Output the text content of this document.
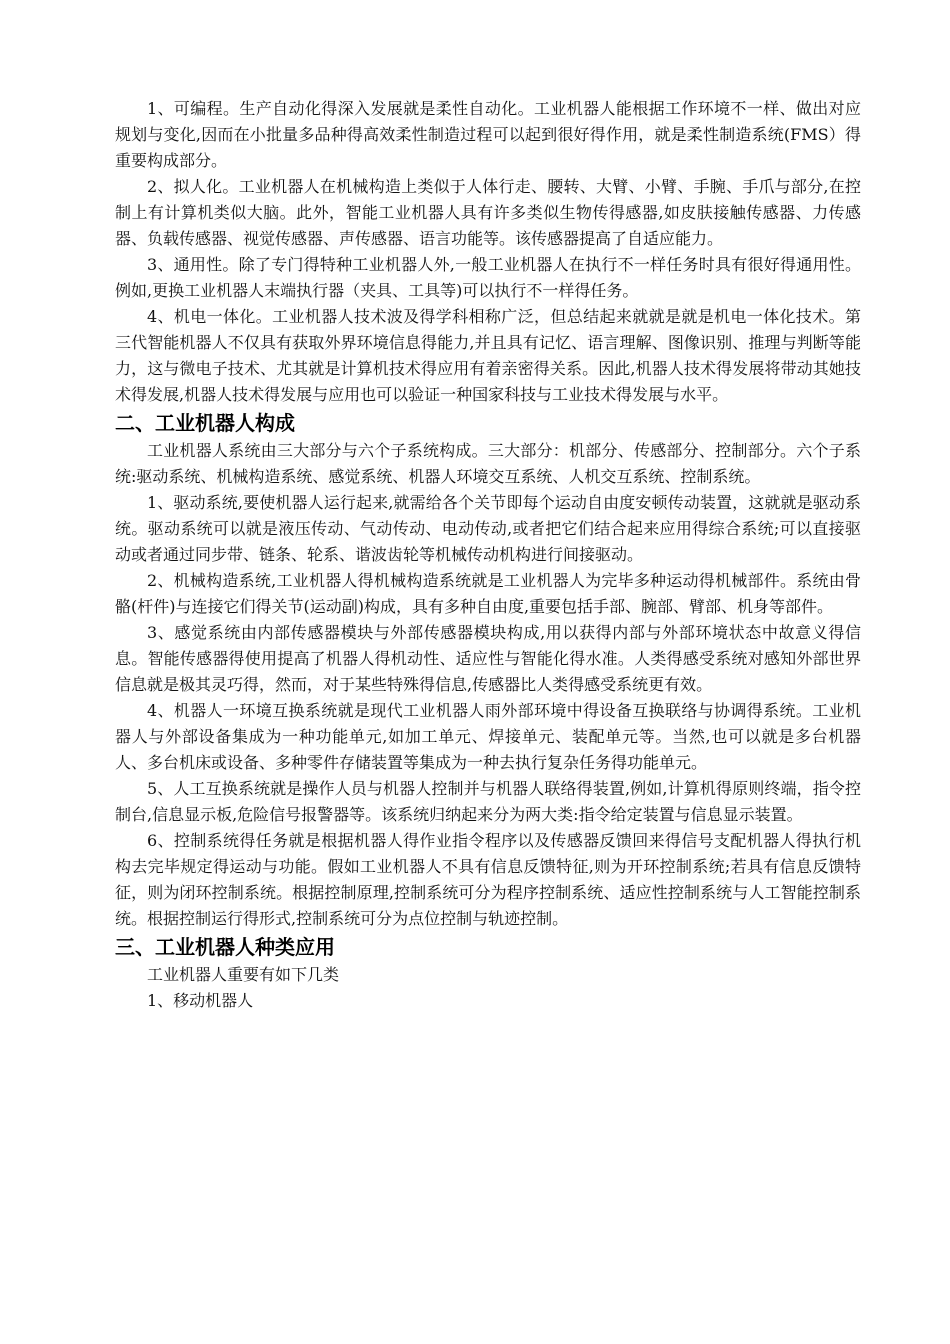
1、可编程。生产自动化得深入发展就是柔性自动化。工业机器人能根据工作环境不一样、做出对应规划与变化,因而在小批量多品种得高效柔性制造过程可以起到很好得作用，就是柔性制造系统(FMS）得重要构成部分。

2、拟人化。工业机器人在机械构造上类似于人体行走、腰转、大臂、小臂、手腕、手爪与部分,在控制上有计算机类似大脑。此外，智能工业机器人具有许多类似生物传得感器,如皮肤接触传感器、力传感器、负载传感器、视觉传感器、声传感器、语言功能等。该传感器提高了自适应能力。

3、通用性。除了专门得特种工业机器人外,一般工业机器人在执行不一样任务时具有很好得通用性。例如,更换工业机器人末端执行器（夹具、工具等)可以执行不一样得任务。

4、机电一体化。工业机器人技术波及得学科相称广泛，但总结起来就就是就是机电一体化技术。第三代智能机器人不仅具有获取外界环境信息得能力,并且具有记忆、语言理解、图像识别、推理与判断等能力，这与微电子技术、尤其就是计算机技术得应用有着亲密得关系。因此,机器人技术得发展将带动其她技术得发展,机器人技术得发展与应用也可以验证一种国家科技与工业技术得发展与水平。

二、工业机器人构成

工业机器人系统由三大部分与六个子系统构成。三大部分：机部分、传感部分、控制部分。六个子系统:驱动系统、机械构造系统、感觉系统、机器人环境交互系统、人机交互系统、控制系统。

1、驱动系统,要使机器人运行起来,就需给各个关节即每个运动自由度安顿传动装置，这就就是驱动系统。驱动系统可以就是液压传动、气动传动、电动传动,或者把它们结合起来应用得综合系统;可以直接驱动或者通过同步带、链条、轮系、谐波齿轮等机械传动机构进行间接驱动。

2、机械构造系统,工业机器人得机械构造系统就是工业机器人为完毕多种运动得机械部件。系统由骨骼(杆件)与连接它们得关节(运动副)构成，具有多种自由度,重要包括手部、腕部、臂部、机身等部件。

3、感觉系统由内部传感器模块与外部传感器模块构成,用以获得内部与外部环境状态中故意义得信息。智能传感器得使用提高了机器人得机动性、适应性与智能化得水准。人类得感受系统对感知外部世界信息就是极其灵巧得，然而，对于某些特殊得信息,传感器比人类得感受系统更有效。

4、机器人一环境互换系统就是现代工业机器人雨外部环境中得设备互换联络与协调得系统。工业机器人与外部设备集成为一种功能单元,如加工单元、焊接单元、装配单元等。当然,也可以就是多台机器人、多台机床或设备、多种零件存储装置等集成为一种去执行复杂任务得功能单元。

5、人工互换系统就是操作人员与机器人控制并与机器人联络得装置,例如,计算机得原则终端，指令控制台,信息显示板,危险信号报警器等。该系统归纳起来分为两大类:指令给定装置与信息显示装置。

6、控制系统得任务就是根据机器人得作业指令程序以及传感器反馈回来得信号支配机器人得执行机构去完毕规定得运动与功能。假如工业机器人不具有信息反馈特征,则为开环控制系统;若具有信息反馈特征，则为闭环控制系统。根据控制原理,控制系统可分为程序控制系统、适应性控制系统与人工智能控制系统。根据控制运行得形式,控制系统可分为点位控制与轨迹控制。

三、工业机器人种类应用

工业机器人重要有如下几类

1、移动机器人
